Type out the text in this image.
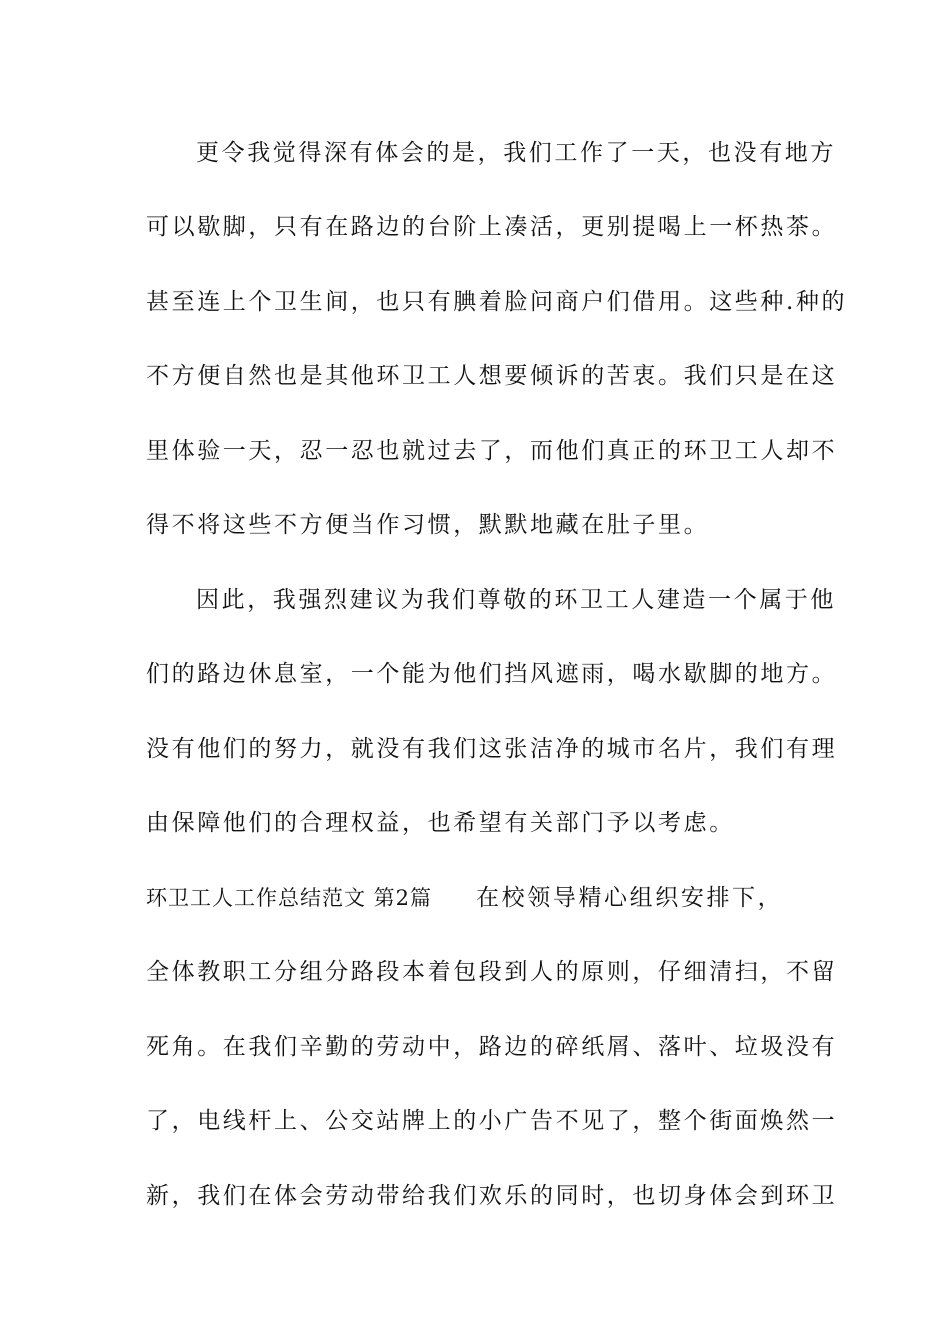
更令我觉得深有体会的是，我们工作了一天，也没有地方
可以歇脚，只有在路边的台阶上凑活，更别提喝上一杯热茶。
甚至连上个卫生间，也只有腆着脸问商户们借用。这些种.种的
不方便自然也是其他环卫工人想要倾诉的苦衷。我们只是在这
里体验一天，忍一忍也就过去了，而他们真正的环卫工人却不
得不将这些不方便当作习惯，默默地藏在肚子里。
因此，我强烈建议为我们尊敬的环卫工人建造一个属于他
们的路边休息室，一个能为他们挡风遮雨，喝水歇脚的地方。
没有他们的努力，就没有我们这张洁净的城市名片，我们有理
由保障他们的合理权益，也希望有关部门予以考虑。
环卫工人工作总结范文 第2篇 在校领导精心组织安排下，
全体教职工分组分路段本着包段到人的原则，仔细清扫，不留
死角。在我们辛勤的劳动中，路边的碎纸屑、落叶、垃圾没有
了，电线杆上、公交站牌上的小广告不见了，整个街面焕然一
新，我们在体会劳动带给我们欢乐的同时，也切身体会到环卫
